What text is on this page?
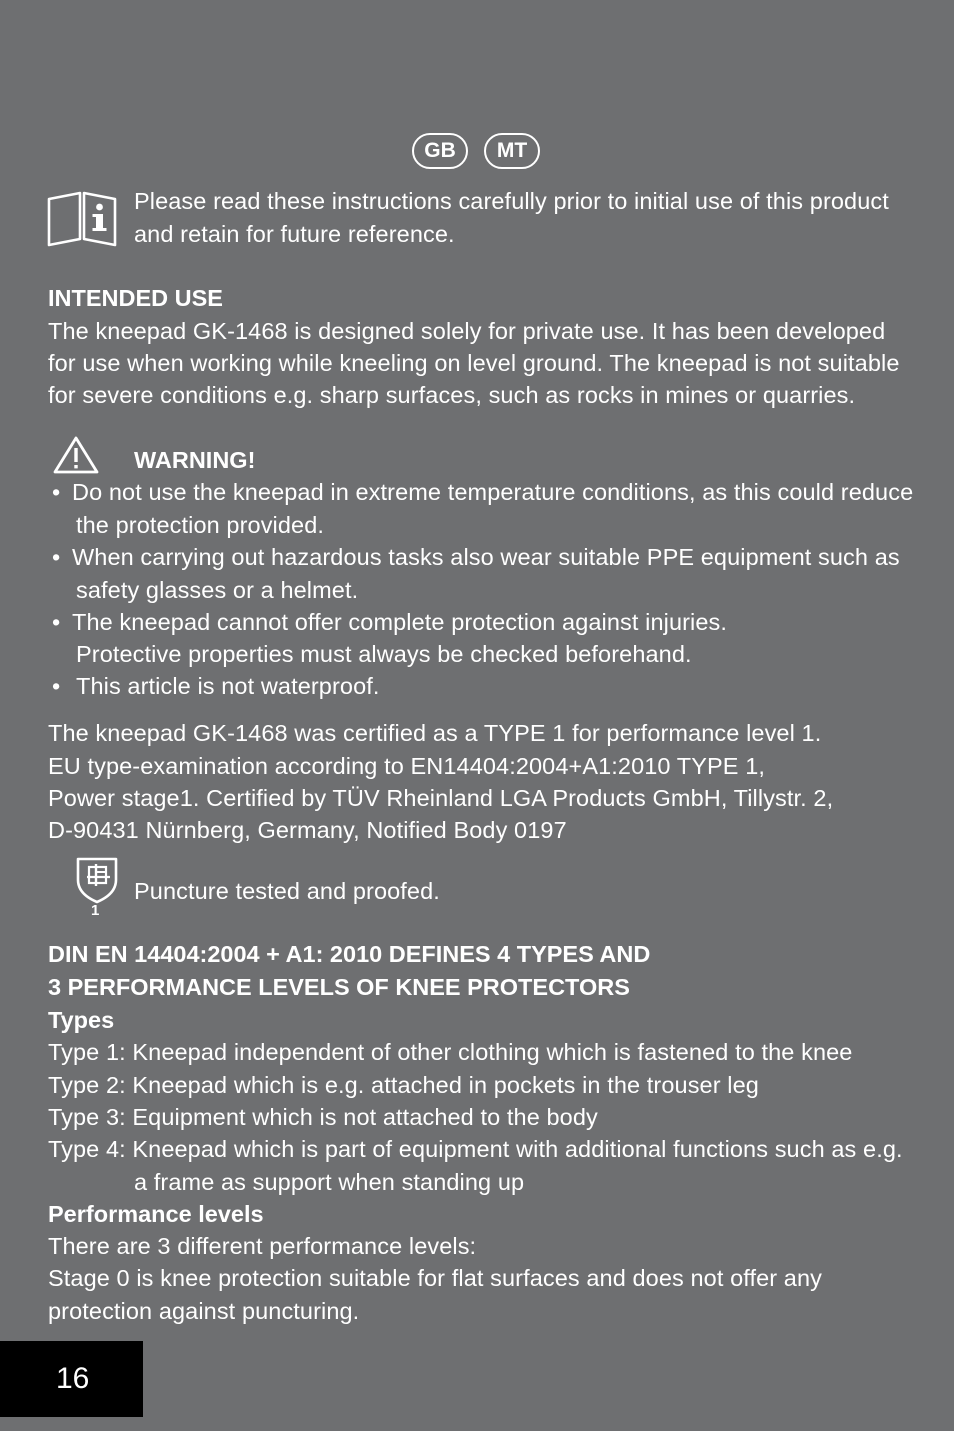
GB	MT
Please read these instructions carefully prior to initial use of this product
and retain for future reference.
INTENDED USE
The kneepad GK-1468 is designed solely for private use. It has been developed
for use when working while kneeling on level ground. The kneepad is not suitable
for severe conditions e.g. sharp surfaces, such as rocks in mines or quarries.
WARNING!
• Do not use the kneepad in extreme temperature conditions, as this could reduce
the protection provided.
• When carrying out hazardous tasks also wear suitable PPE equipment such as
safety glasses or a helmet.
• The kneepad cannot offer complete protection against injuries.
Protective properties must always be checked beforehand.
• This article is not waterproof.
The kneepad GK-1468 was certified as a TYPE 1 for performance level 1.
EU type-examination according to EN14404:2004+A1:2010 TYPE 1,
Power stage1. Certified by TÜV Rheinland LGA Products GmbH, Tillystr. 2,
D-90431 Nürnberg, Germany, Notified Body 0197
1
Puncture tested and proofed.
DIN EN 14404:2004 + A1: 2010 DEFINES 4 TYPES AND
3 PERFORMANCE LEVELS OF KNEE PROTECTORS
Types
Type 1: Kneepad independent of other clothing which is fastened to the knee
Type 2: Kneepad which is e.g. attached in pockets in the trouser leg
Type 3: Equipment which is not attached to the body
Type 4: Kneepad which is part of equipment with additional functions such as e.g.
a frame as support when standing up
Performance levels
There are 3 different performance levels:
Stage 0 is knee protection suitable for flat surfaces and does not offer any
protection against puncturing.
16
